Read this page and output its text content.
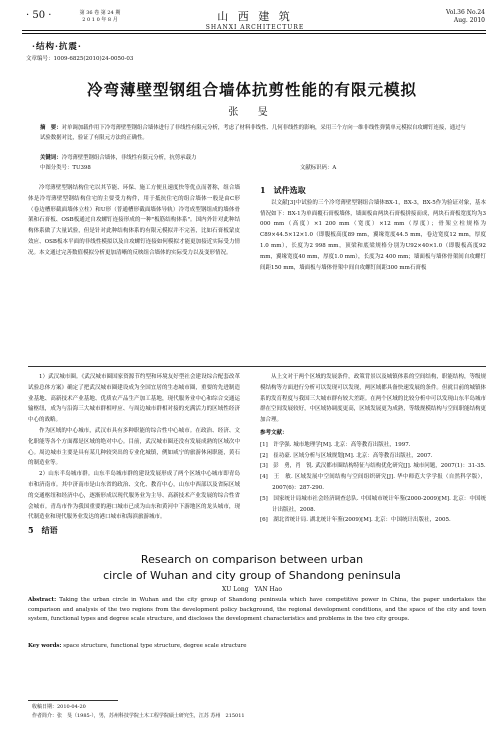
· 50 ·	第 36 卷 第 24 期
2 0 1 0 年 8 月	山 西 建 筑
SHANXI ARCHITECTURE
Vol.36 No.24
Aug. 2010
·结构·抗震·
文章编号：1009-6825(2010)24-0050-03
冷弯薄壁型钢组合墙体抗剪性能的有限元模拟
张 旻
摘　要：对单调加载作用下冷弯薄壁型钢组合墙体进行了非线性有限元分析，考虑了材料非线性、几何非线性的影响，采用三个方向一维非线性弹簧单元模拟自攻螺钉连接，通过与试验数据对比，验证了有限元方法的正确性。
关键词：冷弯薄壁型钢组合墙体，非线性有限元分析，抗剪承载力
中图分类号：TU398	文献标识码：A

冷弯薄壁型钢结构住宅以其节能、环保、施工方便且速度快等优点而著称，组合墙体是冷弯薄壁型钢结构住宅的主要受力构件，用于抵抗住宅的组合墙体一般是由C形（卷边槽形截面墙体立柱）和U形（普通槽形截面墙体导轨）冷弯成型钢组成的墙体骨架和石膏板、OSB板通过自攻螺钉连接形成的一种"板筋结构体系"。国内外针对此种结构体系做了大量试验，但是针对此种结构体系的有限元模拟并不完善，比如石膏板蒙皮效应、OSB板本平面的非线性模拟以及自攻螺钉连接如何模拟才能更加接近实际受力情况。本文通过完善数值模拟分析更加清晰的反映组合墙体的实际受力以及变形情况。

1　试件选取

以文献[3]中试验的三个冷弯薄壁型钢组合墙体BX-1，BX-3，BX-5作为验证对象，基本情况如下：BX-1为单面覆石膏板墙体，墙面板由两块石膏板拼接而成，两块石膏板宽度均为3 000 mm（高度）×1 200 mm（宽度）×12 mm（厚度）；骨架立柱规格为C89×44.5×12×1.0（即腹板高度89 mm，翼缘宽度44.5 mm，卷边宽度12 mm，厚度1.0 mm），长度为2 998 mm，顶梁和底梁规格分别为U92×40×1.0（即腹板高度92 mm，翼缘宽度40 mm，厚度1.0 mm），长度为2 400 mm；墙面板与墙体骨架间自攻螺钉间距150 mm，墙面板与墙体骨架中间自攻螺钉间距300 mm石膏板

1）武汉城市圈。《武汉城市圈国家资源节约型和环境友好型社会建设综合配套改革试验总体方案》确定了把武汉城市圈建设成为全国宜居的生态城市圈，重要的先进制造业基地、高新技术产业基地、优质农产品生产加工基地，现代服务业中心和综合交通运输枢纽，成为与沿海三大城市群相呼应、与周边城市群相对接的充满活力的区域性经济中心的战略。

作为区域的中心城市，武汉市具有多种职能的综合性中心城市。在政治、经济、文化职能等各个方面都是区域的绝对中心。目前，武汉城市圈还没有发展成熟的区域次中心。周边城市主要是具有某几种较突出的专业化城镇，例如咸宁的旅游休闲职能，黄石的制造业等。

2）山东半岛城市群。山东半岛城市群的建设发展形成了两个区域中心城市即青岛市和济南市。其中济南市是山东省的政治、文化、教育中心，山东中西部以及省际区域的交通枢纽和经济中心，逐渐形成以现代服务业为主导、高新技术产业发展的综合性省会城市。青岛市作为我国重要的港口城市已成为山东和黄河中下游地区的龙头城市，现代制造业和现代服务业发达的港口城市和海滨旅游城市。

5　结语

从上文对于两个区域的发展条件，政策背景以及城镇体系的空间结构，职能结构，等级规模结构等方面进行分析可以发现可以发现，两区域都具备快速发展的条件。但就目前的城镇体系的发育程度与我国三大城市群有较大差距。在两个区域的比较分析中可以发现山东半岛城市群在空间发展较好，中区域协调度更高，区域发展更为成熟，等级规模结构与空间职能结构更加合理。

参考文献：

[1]　许学强. 城市地理学[M]. 北京：高等教育出版社，1997.

[2]　崔功豪. 区域分析与区域规划[M]. 北京：高等教育出版社，2007.

[3]　彭　勇，肖　锐. 武汉都市圈结构特征与结构优化研究[J]. 城市问题，2007(1)：31-35.

[4]　王　敏. 区域发展中空间结构与空间组织研究[J]. 华中师范大学学报（自然科学版），2007(6)：287-290.

[5]　国家统计局城市社会经济调查总队. 中国城市统计年鉴(2000-2009)[M]. 北京：中国统计出版社，2008.

[6]　湖北省统计局. 湖北统计年鉴(2009)[M]. 北京：中国统计出版社，2005.

Research on comparison between urban
circle of Wuhan and city group of Shandong peninsula
XU Long　YAN Hao
Abstract: Taking the urban circle in Wuhan and the city group of Shandong peninsula which have competitive power in China, the paper undertakes the comparison and analysis of the two regions from the development policy background, the regional development conditions, and the space of the city and town system, functional types and degree scale structure, and discloses the development characteristics and problems in the two city groups.
Key words: space structure, functional type structure, degree scale structure
收稿日期：2010-04-20
作者简介：张　旻（1985-），男，苏州科技学院土木工程学院硕士研究生，江苏 苏州　215011
